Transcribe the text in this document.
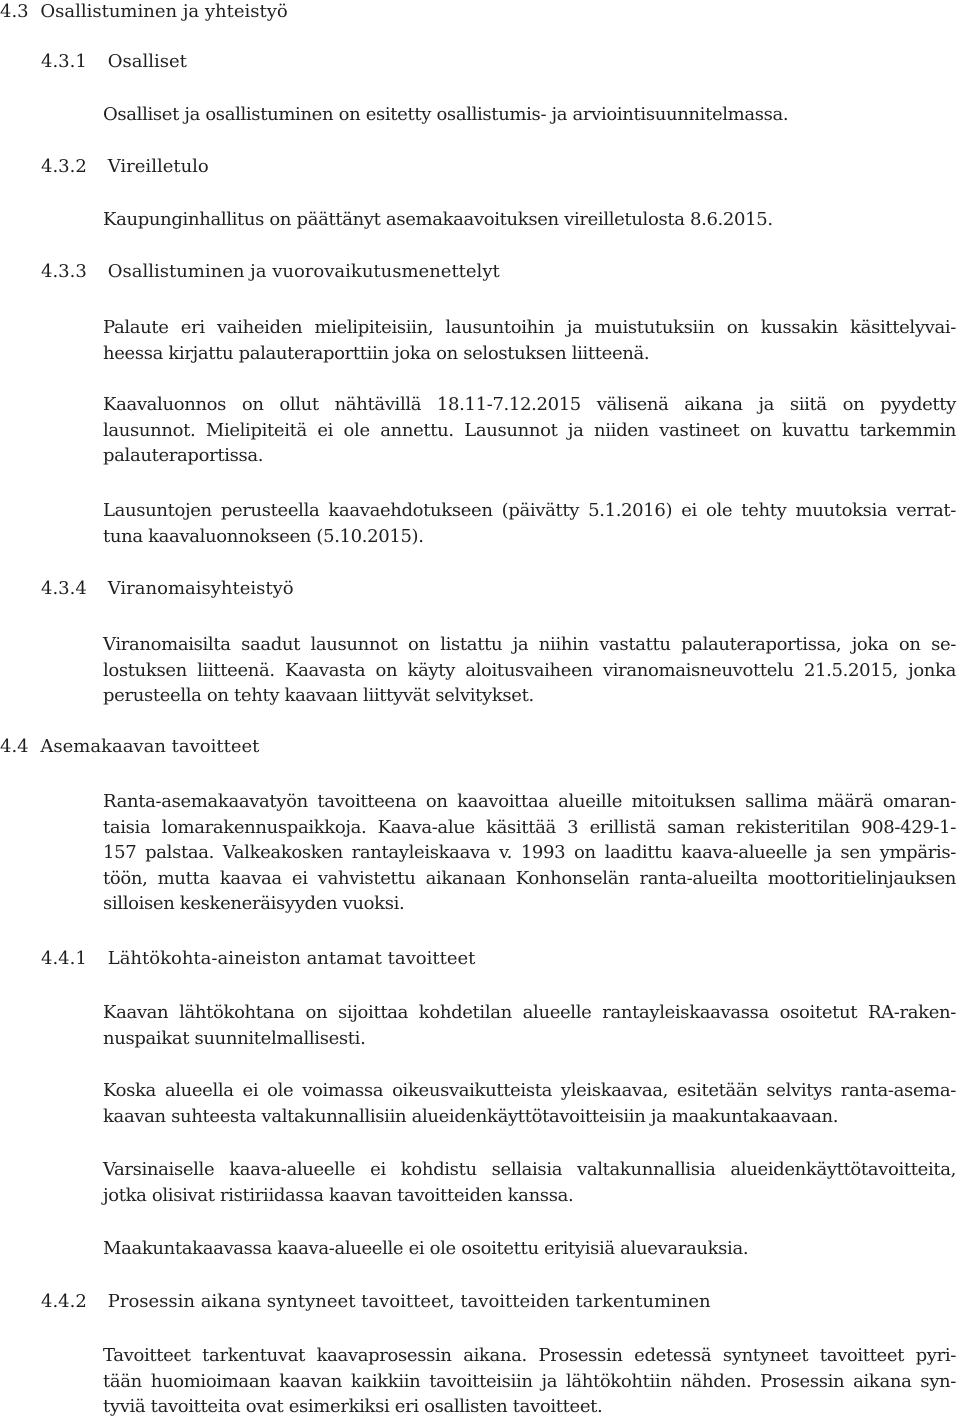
4.3 Osallistuminen ja yhteistyö
4.3.1 Osalliset
Osalliset ja osallistuminen on esitetty osallistumis- ja arviointisuunnitelmassa.
4.3.2 Vireilletulo
Kaupunginhallitus on päättänyt asemakaavoituksen vireilletulosta 8.6.2015.
4.3.3 Osallistuminen ja vuorovaikutusmenettelyt
Palaute eri vaiheiden mielipiteisiin, lausuntoihin ja muistutuksiin on kussakin käsittelyvai-
heessa kirjattu palauteraporttiin joka on selostuksen liitteenä.
Kaavaluonnos on ollut nähtävillä 18.11-7.12.2015 välisenä aikana ja siitä on pyydetty
lausunnot. Mielipiteitä ei ole annettu. Lausunnot ja niiden vastineet on kuvattu tarkemmin
palauteraportissa.
Lausuntojen perusteella kaavaehdotukseen (päivätty 5.1.2016) ei ole tehty muutoksia verrat-
tuna kaavaluonnokseen (5.10.2015).
4.3.4 Viranomaisyhteistyö
Viranomaisilta saadut lausunnot on listattu ja niihin vastattu palauteraportissa, joka on se-
lostuksen liitteenä. Kaavasta on käyty aloitusvaiheen viranomaisneuvottelu 21.5.2015, jonka
perusteella on tehty kaavaan liittyvät selvitykset.
4.4 Asemakaavan tavoitteet
Ranta-asemakaavatyön tavoitteena on kaavoittaa alueille mitoituksen sallima määrä omaran-
taisia lomarakennuspaikkoja. Kaava-alue käsittää 3 erillistä saman rekisteritilan 908-429-1-
157 palstaa. Valkeakosken rantayleiskaava v. 1993 on laadittu kaava-alueelle ja sen ympäris-
töön, mutta kaavaa ei vahvistettu aikanaan Konhonselän ranta-alueilta moottoritielinjauksen
silloisen keskeneräisyyden vuoksi.
4.4.1 Lähtökohta-aineiston antamat tavoitteet
Kaavan lähtökohtana on sijoittaa kohdetilan alueelle rantayleiskaavassa osoitetut RA-raken-
nuspaikat suunnitelmallisesti.
Koska alueella ei ole voimassa oikeusvaikutteista yleiskaavaa, esitetään selvitys ranta-asema-
kaavan suhteesta valtakunnallisiin alueidenkäyttötavoitteisiin ja maakuntakaavaan.
Varsinaiselle kaava-alueelle ei kohdistu sellaisia valtakunnallisia alueidenkäyttötavoitteita,
jotka olisivat ristiriidassa kaavan tavoitteiden kanssa.
Maakuntakaavassa kaava-alueelle ei ole osoitettu erityisiä aluevarauksia.
4.4.2 Prosessin aikana syntyneet tavoitteet, tavoitteiden tarkentuminen
Tavoitteet tarkentuvat kaavaprosessin aikana. Prosessin edetessä syntyneet tavoitteet pyri-
tään huomioimaan kaavan kaikkiin tavoitteisiin ja lähtökohtiin nähden. Prosessin aikana syn-
tyviä tavoitteita ovat esimerkiksi eri osallisten tavoitteet.
